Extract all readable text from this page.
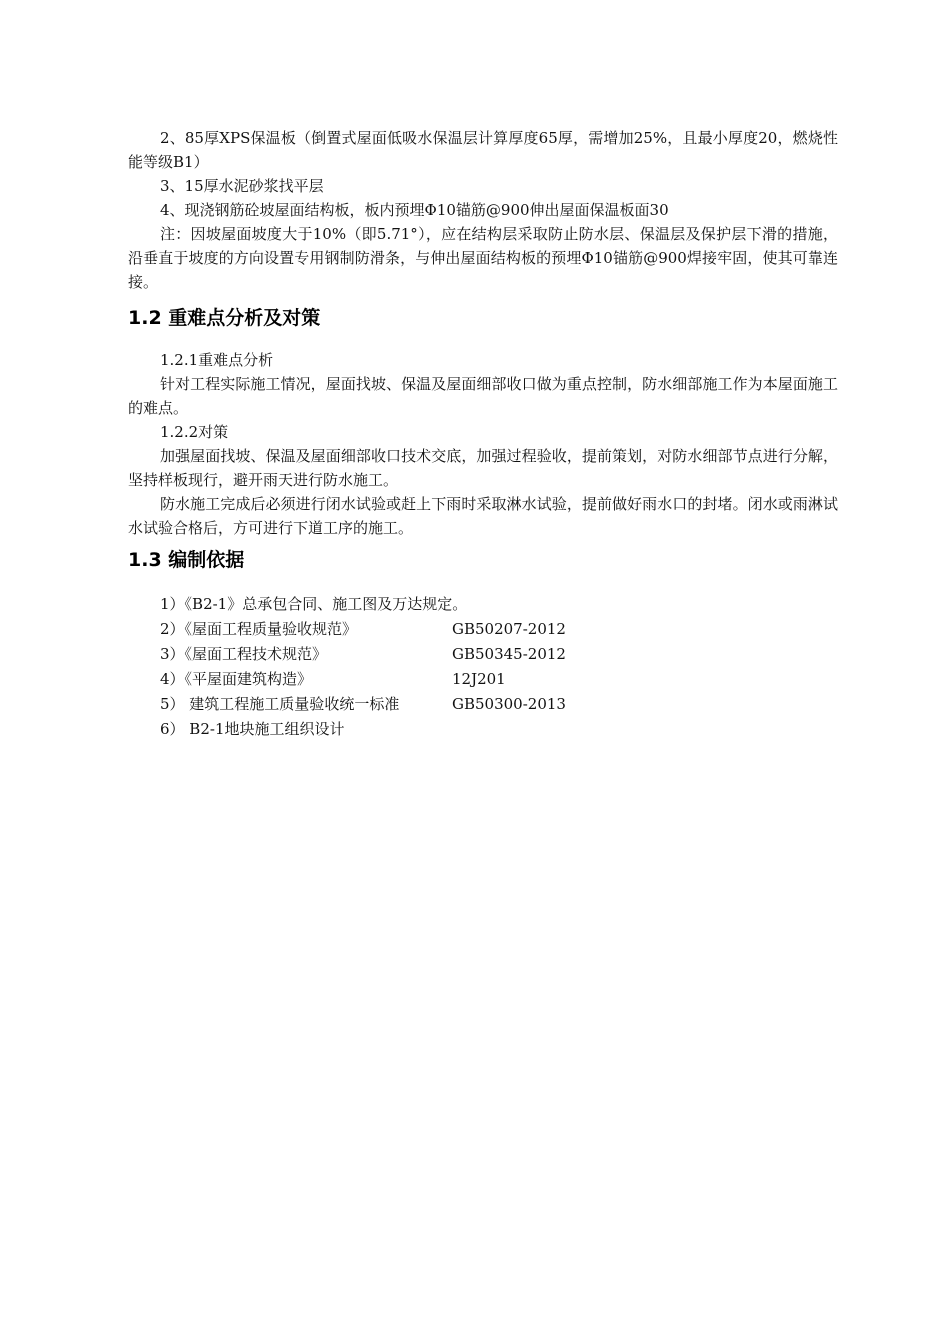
2、85厚XPS保温板（倒置式屋面低吸水保温层计算厚度65厚，需增加25%，且最小厚度20，燃烧性能等级B1）

3、15厚水泥砂浆找平层

4、现浇钢筋砼坡屋面结构板，板内预埋Φ10锚筋@900伸出屋面保温板面30

注：因坡屋面坡度大于10%（即5.71°），应在结构层采取防止防水层、保温层及保护层下滑的措施，沿垂直于坡度的方向设置专用钢制防滑条，与伸出屋面结构板的预埋Φ10锚筋@900焊接牢固，使其可靠连接。

1.2 重难点分析及对策

1.2.1重难点分析

针对工程实际施工情况，屋面找坡、保温及屋面细部收口做为重点控制，防水细部施工作为本屋面施工的难点。

1.2.2对策

加强屋面找坡、保温及屋面细部收口技术交底，加强过程验收，提前策划，对防水细部节点进行分解，坚持样板现行，避开雨天进行防水施工。

防水施工完成后必须进行闭水试验或赶上下雨时采取淋水试验，提前做好雨水口的封堵。闭水或雨淋试水试验合格后，方可进行下道工序的施工。

1.3 编制依据
1）《B2-1》总承包合同、施工图及万达规定。
2）《屋面工程质量验收规范》	GB50207-2012
3）《屋面工程技术规范》	GB50345-2012
4）《平屋面建筑构造》	12J201
5） 建筑工程施工质量验收统一标准	GB50300-2013
6） B2-1地块施工组织设计
